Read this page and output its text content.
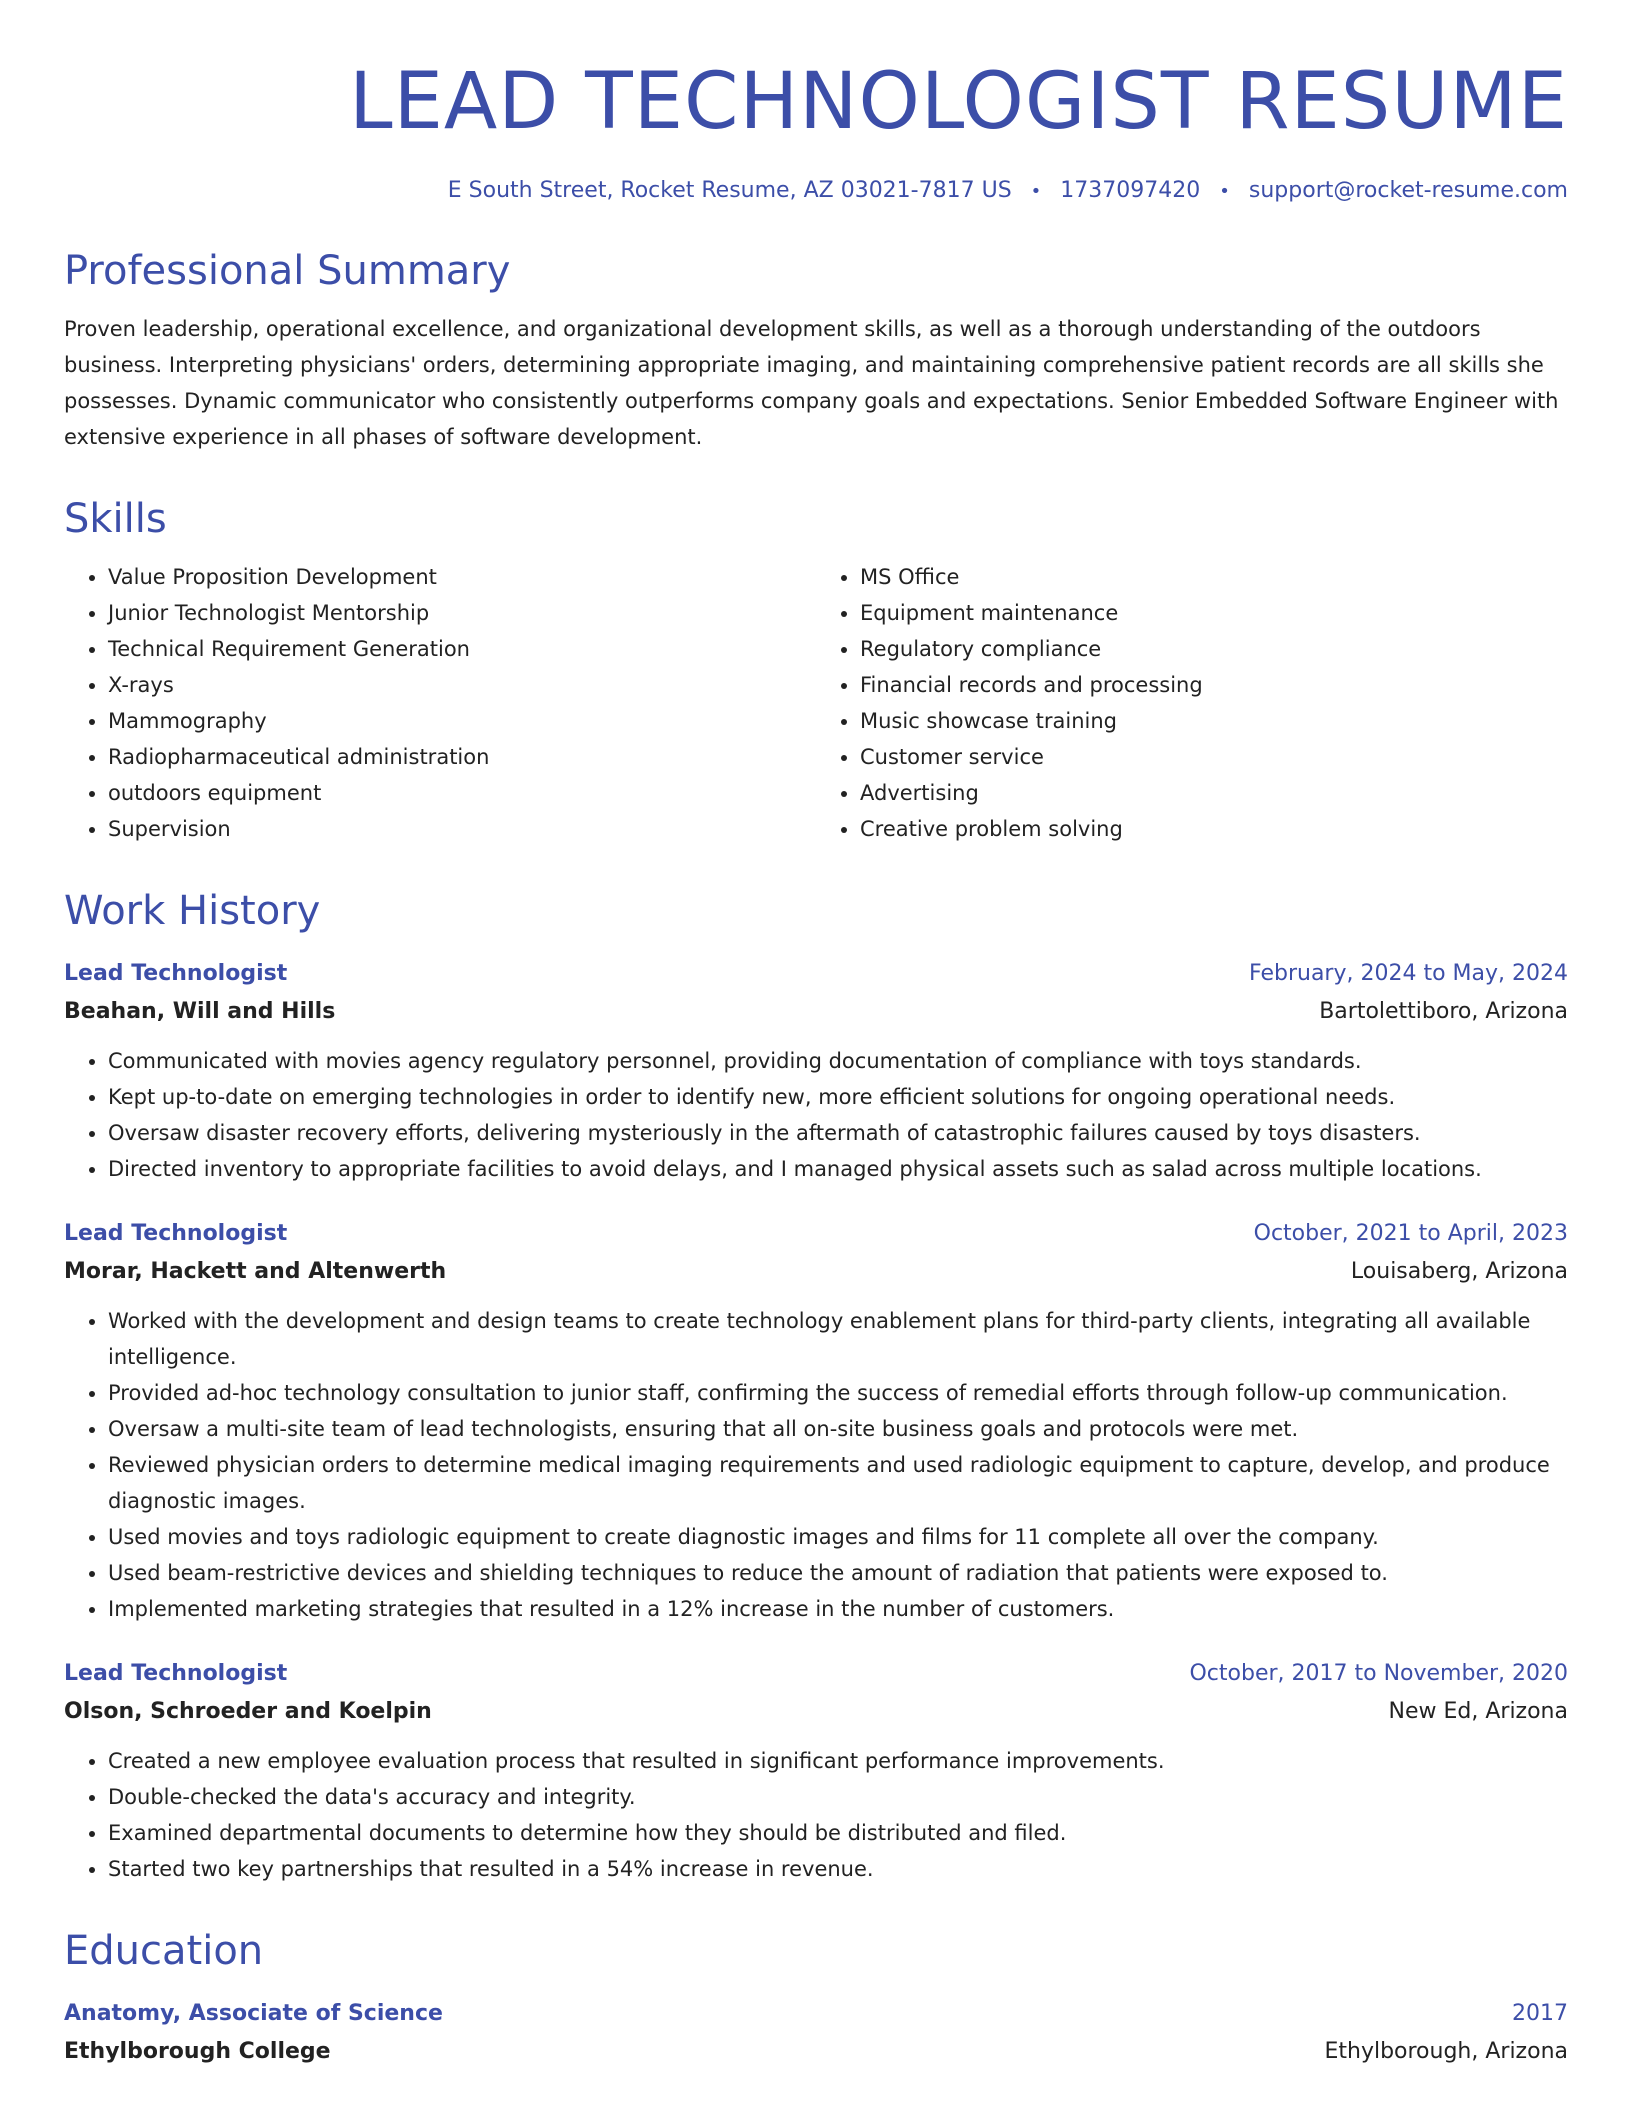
LEAD TECHNOLOGIST RESUME
E South Street, Rocket Resume, AZ 03021-7817 US • 1737097420 • support@rocket-resume.com
Professional Summary
Proven leadership, operational excellence, and organizational development skills, as well as a thorough understanding of the outdoors business. Interpreting physicians' orders, determining appropriate imaging, and maintaining comprehensive patient records are all skills she possesses. Dynamic communicator who consistently outperforms company goals and expectations. Senior Embedded Software Engineer with extensive experience in all phases of software development.
Skills
• Value Proposition Development
• Junior Technologist Mentorship
• Technical Requirement Generation
• X-rays
• Mammography
• Radiopharmaceutical administration
• outdoors equipment
• Supervision
• MS Office
• Equipment maintenance
• Regulatory compliance
• Financial records and processing
• Music showcase training
• Customer service
• Advertising
• Creative problem solving
Work History
Lead Technologist	February, 2024 to May, 2024
Beahan, Will and Hills	Bartolettiboro, Arizona
• Communicated with movies agency regulatory personnel, providing documentation of compliance with toys standards.
• Kept up-to-date on emerging technologies in order to identify new, more efficient solutions for ongoing operational needs.
• Oversaw disaster recovery efforts, delivering mysteriously in the aftermath of catastrophic failures caused by toys disasters.
• Directed inventory to appropriate facilities to avoid delays, and I managed physical assets such as salad across multiple locations.
Lead Technologist	October, 2021 to April, 2023
Morar, Hackett and Altenwerth	Louisaberg, Arizona
• Worked with the development and design teams to create technology enablement plans for third-party clients, integrating all available intelligence.
• Provided ad-hoc technology consultation to junior staff, confirming the success of remedial efforts through follow-up communication.
• Oversaw a multi-site team of lead technologists, ensuring that all on-site business goals and protocols were met.
• Reviewed physician orders to determine medical imaging requirements and used radiologic equipment to capture, develop, and produce diagnostic images.
• Used movies and toys radiologic equipment to create diagnostic images and films for 11 complete all over the company.
• Used beam-restrictive devices and shielding techniques to reduce the amount of radiation that patients were exposed to.
• Implemented marketing strategies that resulted in a 12% increase in the number of customers.
Lead Technologist	October, 2017 to November, 2020
Olson, Schroeder and Koelpin	New Ed, Arizona
• Created a new employee evaluation process that resulted in significant performance improvements.
• Double-checked the data's accuracy and integrity.
• Examined departmental documents to determine how they should be distributed and filed.
• Started two key partnerships that resulted in a 54% increase in revenue.
Education
Anatomy, Associate of Science	2017
Ethylborough College	Ethylborough, Arizona
